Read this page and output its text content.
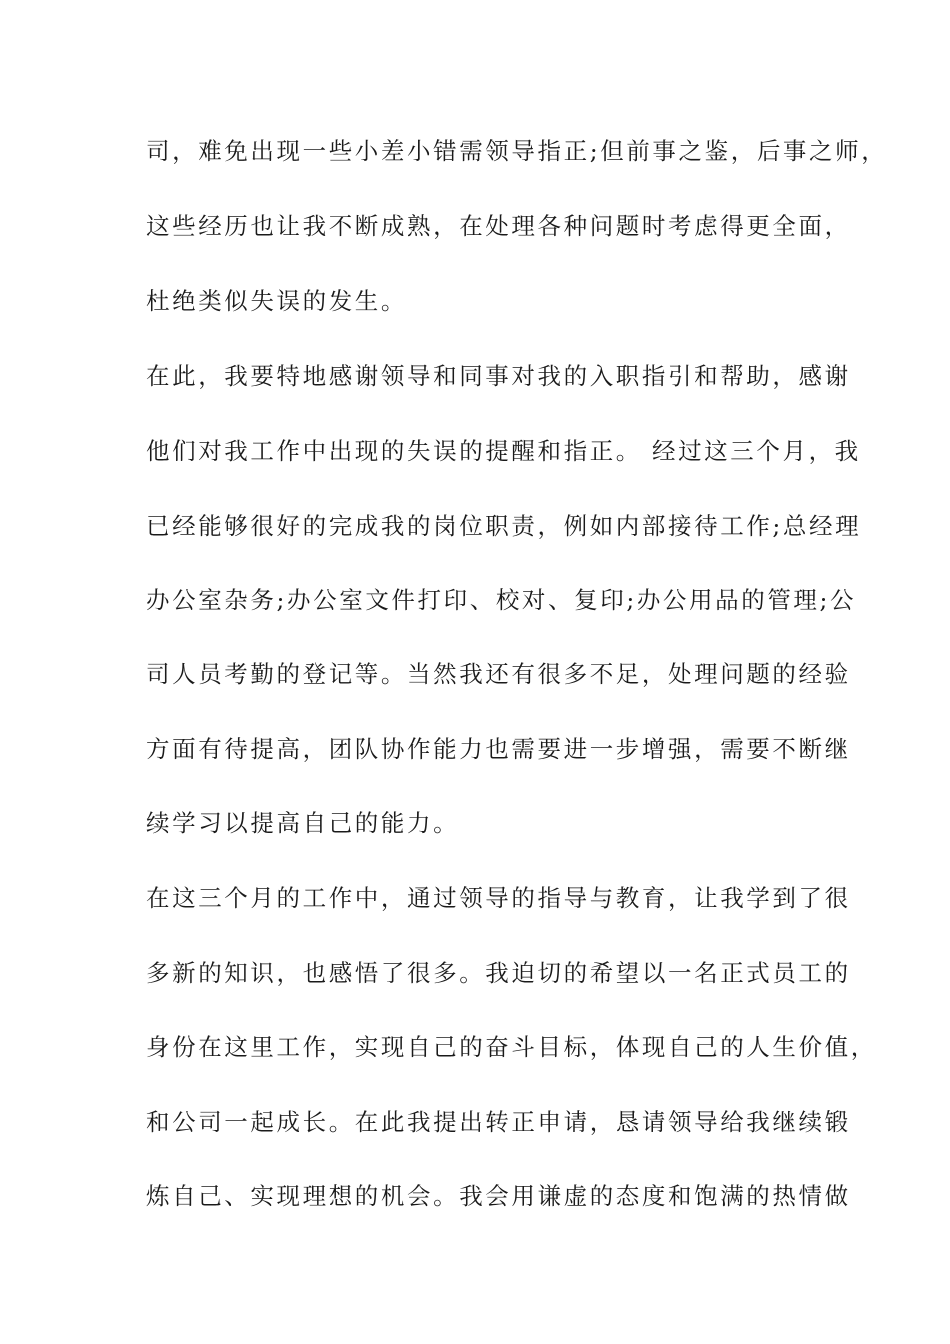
司，难免出现一些小差小错需领导指正;但前事之鉴，后事之师，
这些经历也让我不断成熟，在处理各种问题时考虑得更全面，
杜绝类似失误的发生。
在此，我要特地感谢领导和同事对我的入职指引和帮助，感谢
他们对我工作中出现的失误的提醒和指正。 经过这三个月，我
已经能够很好的完成我的岗位职责，例如内部接待工作;总经理
办公室杂务;办公室文件打印、校对、复印;办公用品的管理;公
司人员考勤的登记等。当然我还有很多不足，处理问题的经验
方面有待提高，团队协作能力也需要进一步增强，需要不断继
续学习以提高自己的能力。
在这三个月的工作中，通过领导的指导与教育，让我学到了很
多新的知识，也感悟了很多。我迫切的希望以一名正式员工的
身份在这里工作，实现自己的奋斗目标，体现自己的人生价值，
和公司一起成长。在此我提出转正申请，恳请领导给我继续锻
炼自己、实现理想的机会。我会用谦虚的态度和饱满的热情做
